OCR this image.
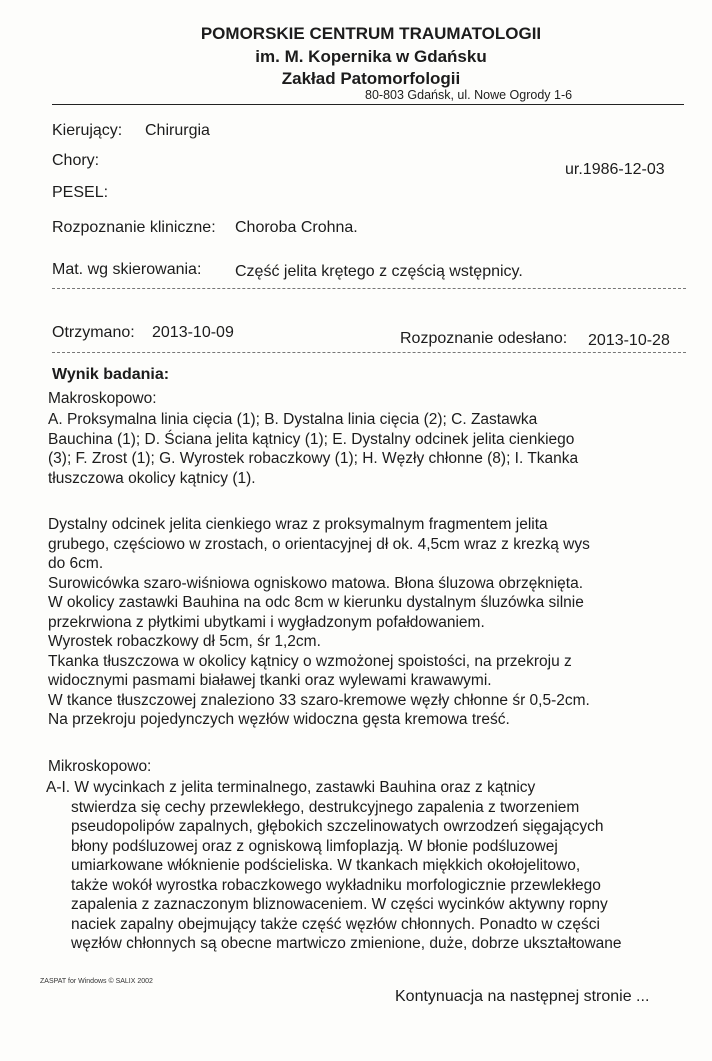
POMORSKIE CENTRUM TRAUMATOLOGII
im. M. Kopernika w Gdańsku
Zakład Patomorfologii
80-803 Gdańsk, ul. Nowe Ogrody 1-6
Kierujący: Chirurgia
Chory:
ur.1986-12-03
PESEL:
Rozpoznanie kliniczne: Choroba Crohna.
Mat. wg skierowania: Część jelita krętego z częścią wstępnicy.
Otrzymano: 2013-10-09	Rozpoznanie odesłano: 2013-10-28
Wynik badania:
Makroskopowo:
A. Proksymalna linia cięcia (1); B. Dystalna linia cięcia (2); C. Zastawka
Bauchina (1); D. Ściana jelita kątnicy (1); E. Dystalny odcinek jelita cienkiego
(3); F. Zrost (1); G. Wyrostek robaczkowy (1); H. Węzły chłonne (8); I. Tkanka
tłuszczowa okolicy kątnicy (1).
Dystalny odcinek jelita cienkiego wraz z proksymalnym fragmentem jelita
grubego, częściowo w zrostach, o orientacyjnej dł ok. 4,5cm wraz z krezką wys
do 6cm.
Surowicówka szaro-wiśniowa ogniskowo matowa. Błona śluzowa obrzęknięta.
W okolicy zastawki Bauhina na odc 8cm w kierunku dystalnym śluzówka silnie
przekrwiona z płytkimi ubytkami i wygładzonym pofałdowaniem.
Wyrostek robaczkowy dł 5cm, śr 1,2cm.
Tkanka tłuszczowa w okolicy kątnicy o wzmożonej spoistości, na przekroju z
widocznymi pasmami białawej tkanki oraz wylewami krawawymi.
W tkance tłuszczowej znaleziono 33 szaro-kremowe węzły chłonne śr 0,5-2cm.
Na przekroju pojedynczych węzłów widoczna gęsta kremowa treść.
Mikroskopowo:
A-I. W wycinkach z jelita terminalnego, zastawki Bauhina oraz z kątnicy
stwierdza się cechy przewlekłego, destrukcyjnego zapalenia z tworzeniem
pseudopolipów zapalnych, głębokich szczelinowatych owrzodzeń sięgających
błony podśluzowej oraz z ogniskową limfoplazją. W błonie podśluzowej
umiarkowane włóknienie podścieliska. W tkankach miękkich okołojelitowo,
także wokół wyrostka robaczkowego wykładniku morfologicznie przewlekłego
zapalenia z zaznaczonym bliznowaceniem. W części wycinków aktywny ropny
naciek zapalny obejmujący także część węzłów chłonnych. Ponadto w części
węzłów chłonnych są obecne martwiczo zmienione, duże, dobrze ukształtowane
ZASPAT for Windows © SALIX 2002
Kontynuacja na następnej stronie ...
